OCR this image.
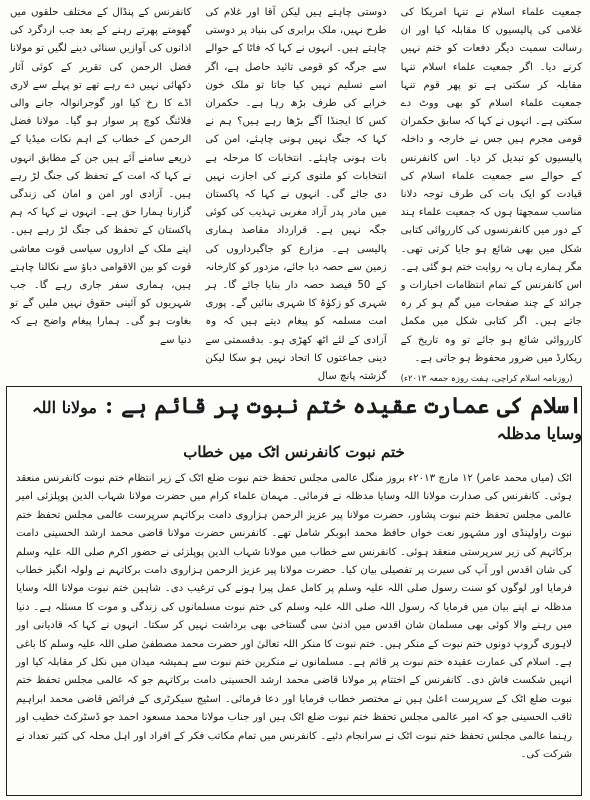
کانفرنس کے پنڈال کے مختلف حلقوں میں گھومتے پھرتے رہنے کے بعد جب اردگرد کی اذانوں کی آوازیں سنائی دینے لگیں تو مولانا فضل الرحمن کی تقریر کے کوئی آثار دکھائی نہیں دے رہے تھے تو پہلے سے لاری اڈے کا رخ کیا اور گوجرانوالہ جانے والی فلائنگ کوچ پر سوار ہو گیا۔ مولانا فضل الرحمن کے خطاب کے اہم نکات میڈیا کے ذریعے سامنے آئے ہیں جن کے مطابق انہوں نے کہا کہ امت کے تحفظ کی جنگ لڑ رہے ہیں۔ آزادی اور امن و امان کی زندگی گزارنا ہمارا حق ہے۔ انہوں نے کہا کہ ہم پاکستان کے تحفظ کی جنگ لڑ رہے ہیں۔ اپنے ملک کے اداروں سیاسی قوت معاشی قوت کو بین الاقوامی دباؤ سے نکالنا چاہتے ہیں، ہماری سفر جاری رہے گا۔ جب شہریوں کو آئینی حقوق نہیں ملیں گے تو بغاوت ہو گی۔ ہمارا پیغام واضح ہے کہ دنیا سے

دوستی چاہتے ہیں لیکن آقا اور غلام کی طرح نہیں، ملک برابری کی بنیاد پر دوستی چاہتے ہیں۔ انہوں نے کہا کہ فاٹا کے حوالے سے جرگہ کو قومی تائید حاصل ہے، اگر اسے تسلیم نہیں کیا جاتا تو ملک خون خرابے کی طرف بڑھ رہا ہے۔ حکمران کس کا ایجنڈا آگے بڑھا رہے ہیں؟ ہم نے کہا کہ جنگ نہیں ہونی چاہئے، امن کی بات ہونی چاہئے۔ انتخابات کا مرحلہ ہے انتخابات کو ملتوی کرنے کی اجازت نہیں دی جائے گی۔ انہوں نے کہا کہ پاکستان میں مادر پدر آزاد مغربی تہذیب کی کوئی جگہ نہیں ہے۔ قرارداد مقاصد ہماری پالیسی ہے۔ مزارع کو جاگیرداروں کی زمین سے حصہ دیا جائے، مزدور کو کارخانہ کے 50 فیصد حصہ دار بنایا جائے گا۔ ہر شہری کو زکوٰۃ کا شہری بنائیں گے۔ پوری امت مسلمہ کو پیغام دیتے ہیں کہ وہ آزادی کے لئے اٹھ کھڑی ہو۔ بدقسمتی سے دینی جماعتوں کا اتحاد نہیں ہو سکا لیکن گزشتہ پانچ سال

جمعیت علماء اسلام نے تنہا امریکا کی غلامی کی پالیسیوں کا مقابلہ کیا اور ان رسالت سمیت دیگر دفعات کو ختم نہیں کرنے دیا۔ اگر جمعیت علماء اسلام تنہا مقابلہ کر سکتی ہے تو پھر قوم تنہا جمعیت علماء اسلام کو بھی ووٹ دے سکتی ہے۔ انہوں نے کہا کہ سابق حکمران قومی مجرم ہیں جس نے خارجہ و داخلہ پالیسیوں کو تبدیل کر دیا۔ اس کانفرنس کے حوالے سے جمعیت علماء اسلام کی قیادت کو ایک بات کی طرف توجہ دلانا مناسب سمجھتا ہوں کہ جمعیت علماء ہند کے دور میں کانفرنسوں کی کارروائی کتابی شکل میں بھی شائع ہو جایا کرتی تھی۔ مگر ہمارے ہاں یہ روایت ختم ہو گئی ہے۔ اس کانفرنس کے تمام انتظامات اخبارات و جرائد کے چند صفحات میں گم ہو کر رہ جاتے ہیں۔ اگر کتابی شکل میں مکمل کارروائی شائع ہو جائے تو وہ تاریخ کے ریکارڈ میں ضرور محفوظ ہو جاتی ہے۔

(روزنامہ اسلام کراچی، ہفت روزہ جمعہ ۲۰۱۳ء)
اسلام کی عمارت عقیدہ ختم نبوت پر قائم ہے:مولانا اللہ وسایا مدظلہ
ختم نبوت کانفرنس اٹک میں خطاب

اٹک (میاں محمد عامر) ۱۲ مارچ ۲۰۱۳ء بروز منگل عالمی مجلس تحفظ ختم نبوت ضلع اٹک کے زیر انتظام ختم نبوت کانفرنس منعقد ہوئی۔ کانفرنس کی صدارت مولانا اللہ وسایا مدظلہ نے فرمائی۔ مہمان علماء کرام میں حضرت مولانا شہاب الدین پوپلزئی امیر عالمی مجلس تحفظ ختم نبوت پشاور، حضرت مولانا پیر عزیز الرحمن ہزاروی دامت برکاتہم سرپرست عالمی مجلس تحفظ ختم نبوت راولپنڈی اور مشہور نعت خواں حافظ محمد ابوبکر شامل تھے۔ کانفرنس حضرت مولانا قاضی محمد ارشد الحسینی دامت برکاتہم کی زیر سرپرستی منعقد ہوئی۔ کانفرنس سے خطاب میں مولانا شہاب الدین پوپلزئی نے حضور اکرم صلی اللہ علیہ وسلم کی شان اقدس اور آپ کی سیرت پر تفصیلی بیان کیا۔ حضرت مولانا پیر عزیز الرحمن ہزاروی دامت برکاتہم نے ولولہ انگیز خطاب فرمایا اور لوگوں کو سنت رسول صلی اللہ علیہ وسلم پر کامل عمل پیرا ہونے کی ترغیب دی۔ شاہین ختم نبوت مولانا اللہ وسایا مدظلہ نے اپنے بیان میں فرمایا کہ رسول اللہ صلی اللہ علیہ وسلم کی ختم نبوت مسلمانوں کی زندگی و موت کا مسئلہ ہے۔ دنیا میں رہنے والا کوئی بھی مسلمان شان اقدس میں ادنیٰ سی گستاخی بھی برداشت نہیں کر سکتا۔ انہوں نے کہا کہ قادیانی اور لاہوری گروپ دونوں ختم نبوت کے منکر ہیں۔ ختم نبوت کا منکر اللہ تعالیٰ اور حضرت محمد مصطفیٰ صلی اللہ علیہ وسلم کا باغی ہے۔ اسلام کی عمارت عقیدہ ختم نبوت پر قائم ہے۔ مسلمانوں نے منکرین ختم نبوت سے ہمیشہ میدان میں نکل کر مقابلہ کیا اور انہیں شکست فاش دی۔ کانفرنس کے اختتام پر مولانا قاضی محمد ارشد الحسینی دامت برکاتہم جو کہ عالمی مجلس تحفظ ختم نبوت ضلع اٹک کے سرپرست اعلیٰ ہیں نے مختصر خطاب فرمایا اور دعا فرمائی۔ اسٹیج سیکرٹری کے فرائض قاضی محمد ابراہیم ثاقب الحسینی جو کہ امیر عالمی مجلس تحفظ ختم نبوت ضلع اٹک ہیں اور جناب مولانا محمد مسعود احمد جو ڈسٹرکٹ خطیب اور رہنما عالمی مجلس تحفظ ختم نبوت اٹک نے سرانجام دئیے۔ کانفرنس میں تمام مکاتب فکر کے افراد اور اہل محلہ کی کثیر تعداد نے شرکت کی۔
